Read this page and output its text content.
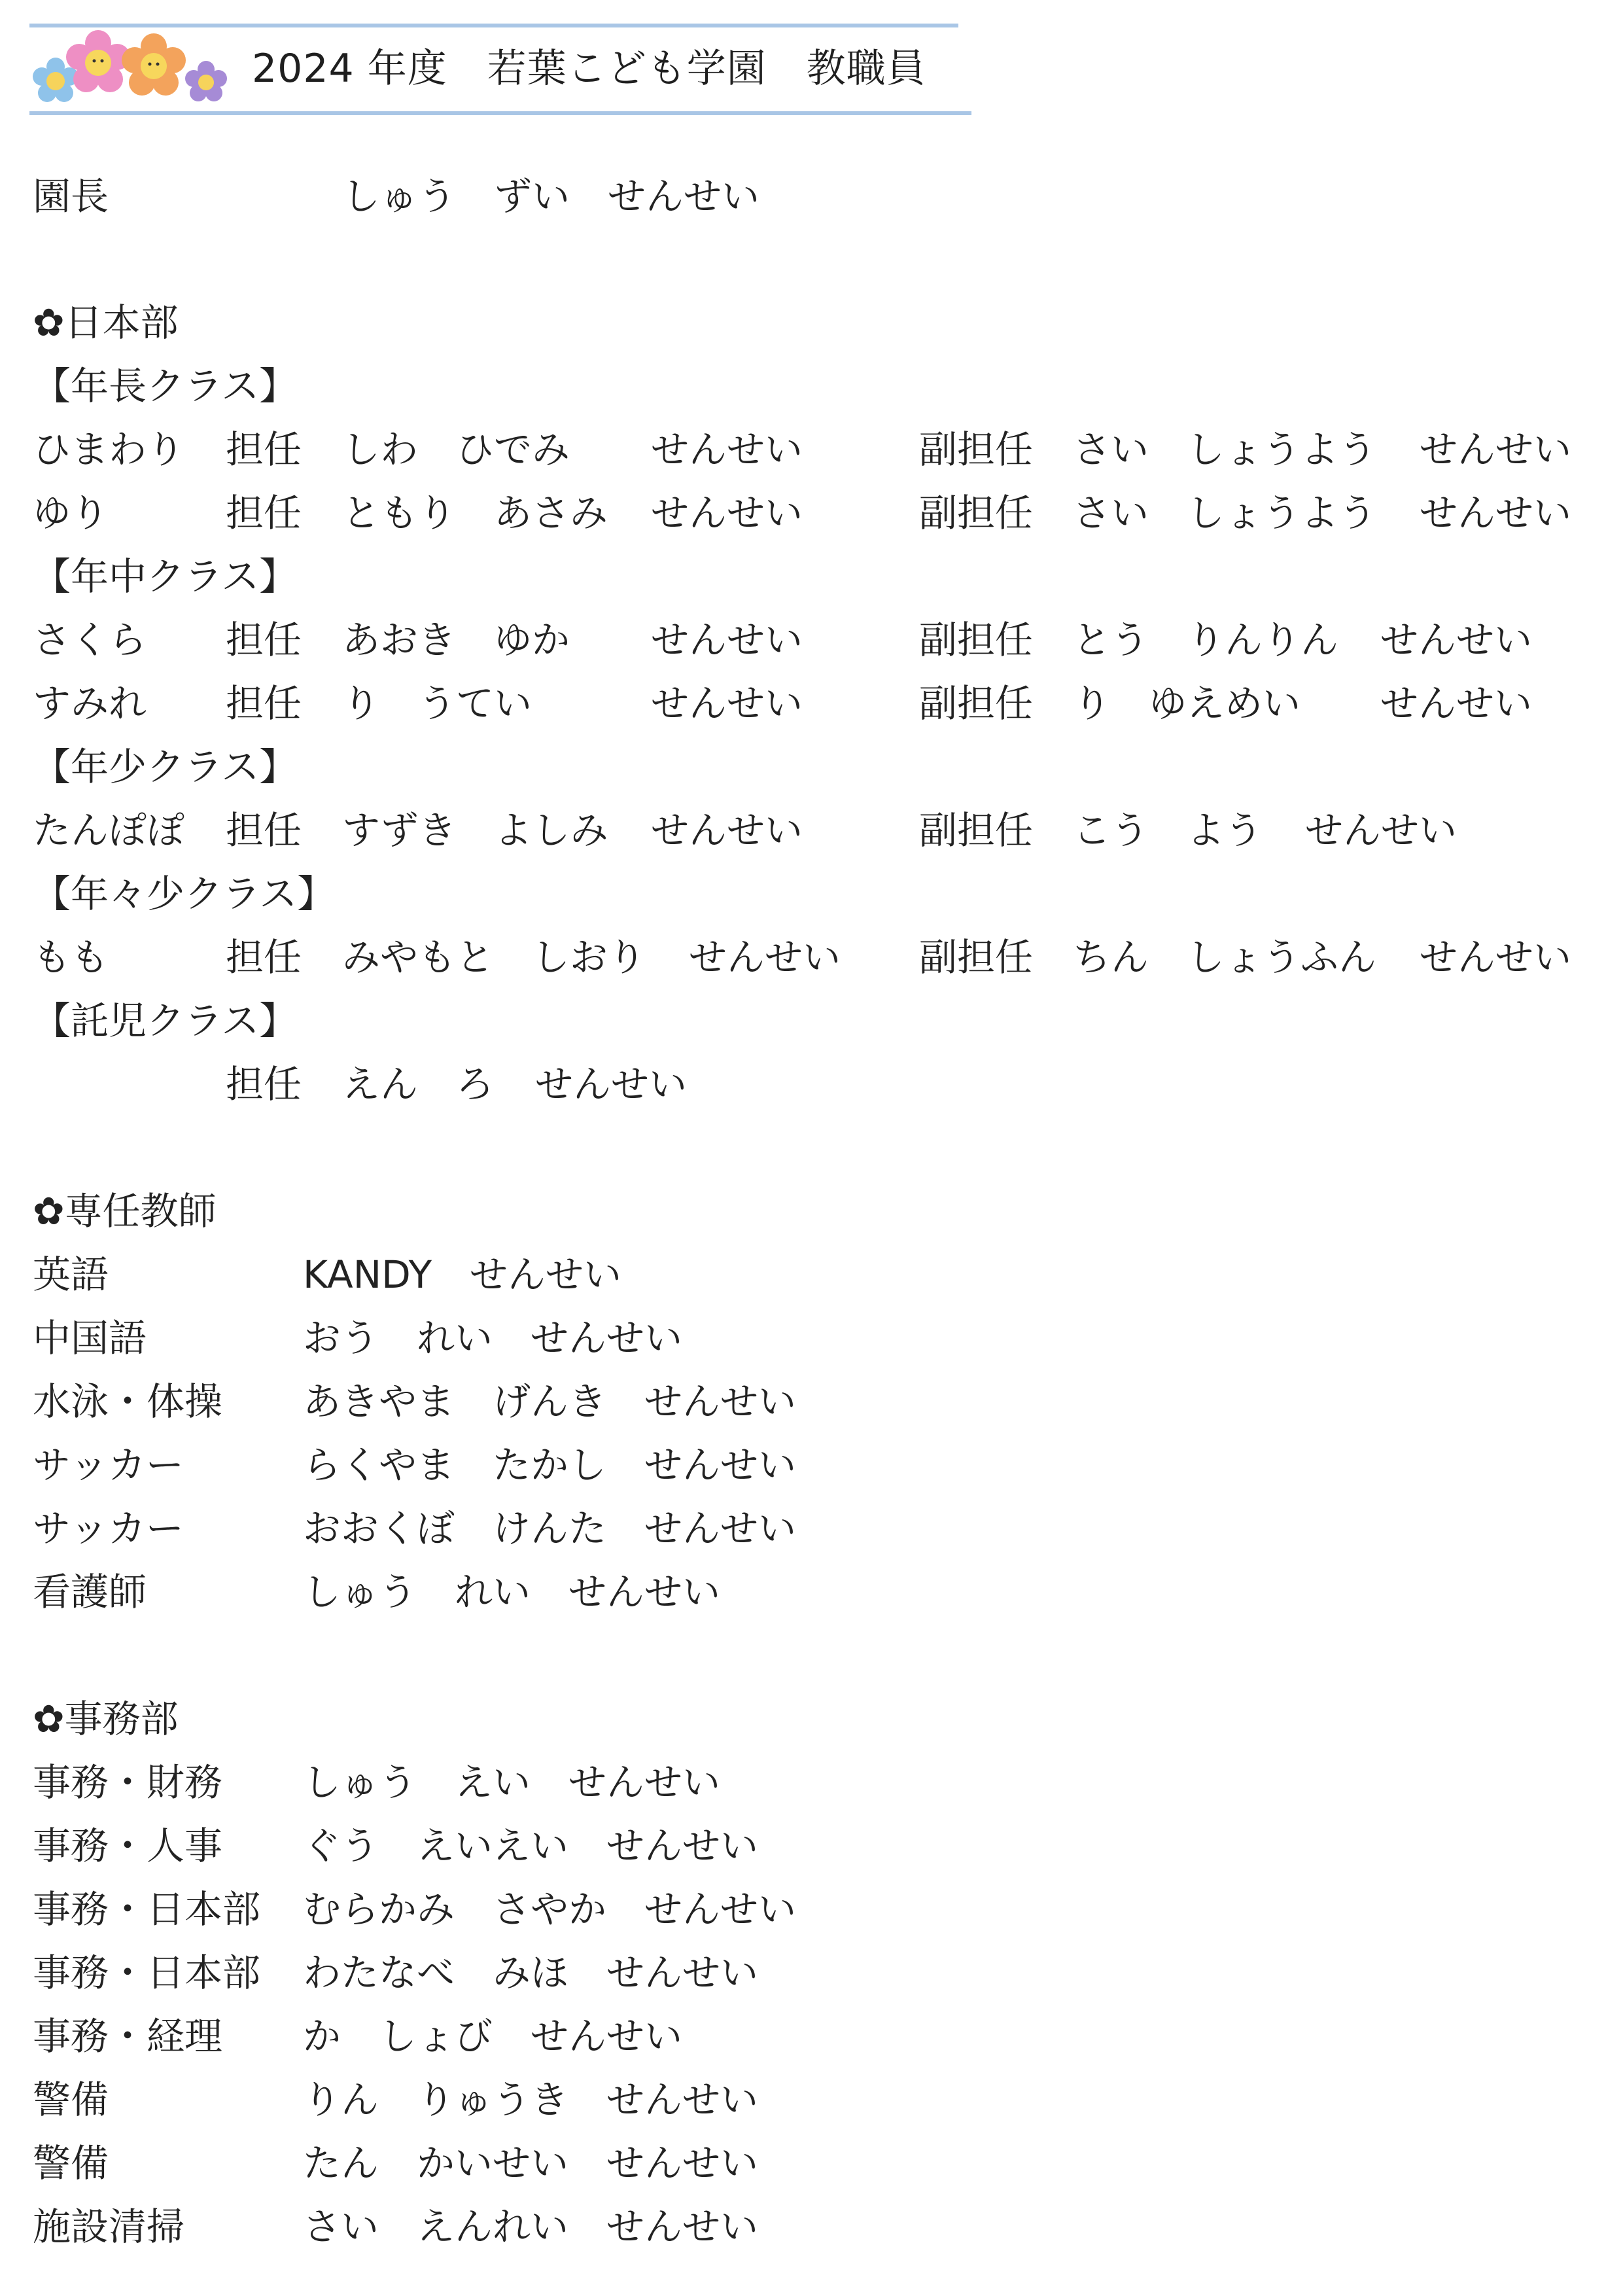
2024 年度　若葉こども学園　教職員
園長	しゅう　ずい　せんせい
✿日本部
【年長クラス】
ひまわり 担任 しわ　ひでみ せんせい	副担任 さい　しょうよう せんせい
ゆり	担任 ともり　あさみ せんせい	副担任 さい　しょうよう せんせい
【年中クラス】
さくら 担任 あおき　ゆか せんせい	副担任 とう　りんりん せんせい
すみれ 担任 り　うてい	せんせい	副担任 り　ゆえめい せんせい
【年少クラス】
たんぽぽ 担任 すずき　よしみ せんせい	副担任 こう　よう せんせい
【年々少クラス】
もも	担任 みやもと　しおり せんせい 副担任 ちん　しょうふん せんせい
【託児クラス】
担任 えん　ろ せんせい
✿専任教師
英語	KANDY　せんせい
中国語	おう　れい　せんせい
水泳・体操 あきやま　げんき　せんせい
サッカー	らくやま　たかし　せんせい
サッカー	おおくぼ　けんた　せんせい
看護師	しゅう　れい　せんせい
✿事務部
事務・財務 しゅう　えい　せんせい
事務・人事 ぐう　えいえい　せんせい
事務・日本部 むらかみ　さやか　せんせい
事務・日本部 わたなべ　みほ　せんせい
事務・経理 か　しょび　せんせい
警備	りん　りゅうき　せんせい
警備	たん　かいせい　せんせい
施設清掃	さい　えんれい　せんせい
